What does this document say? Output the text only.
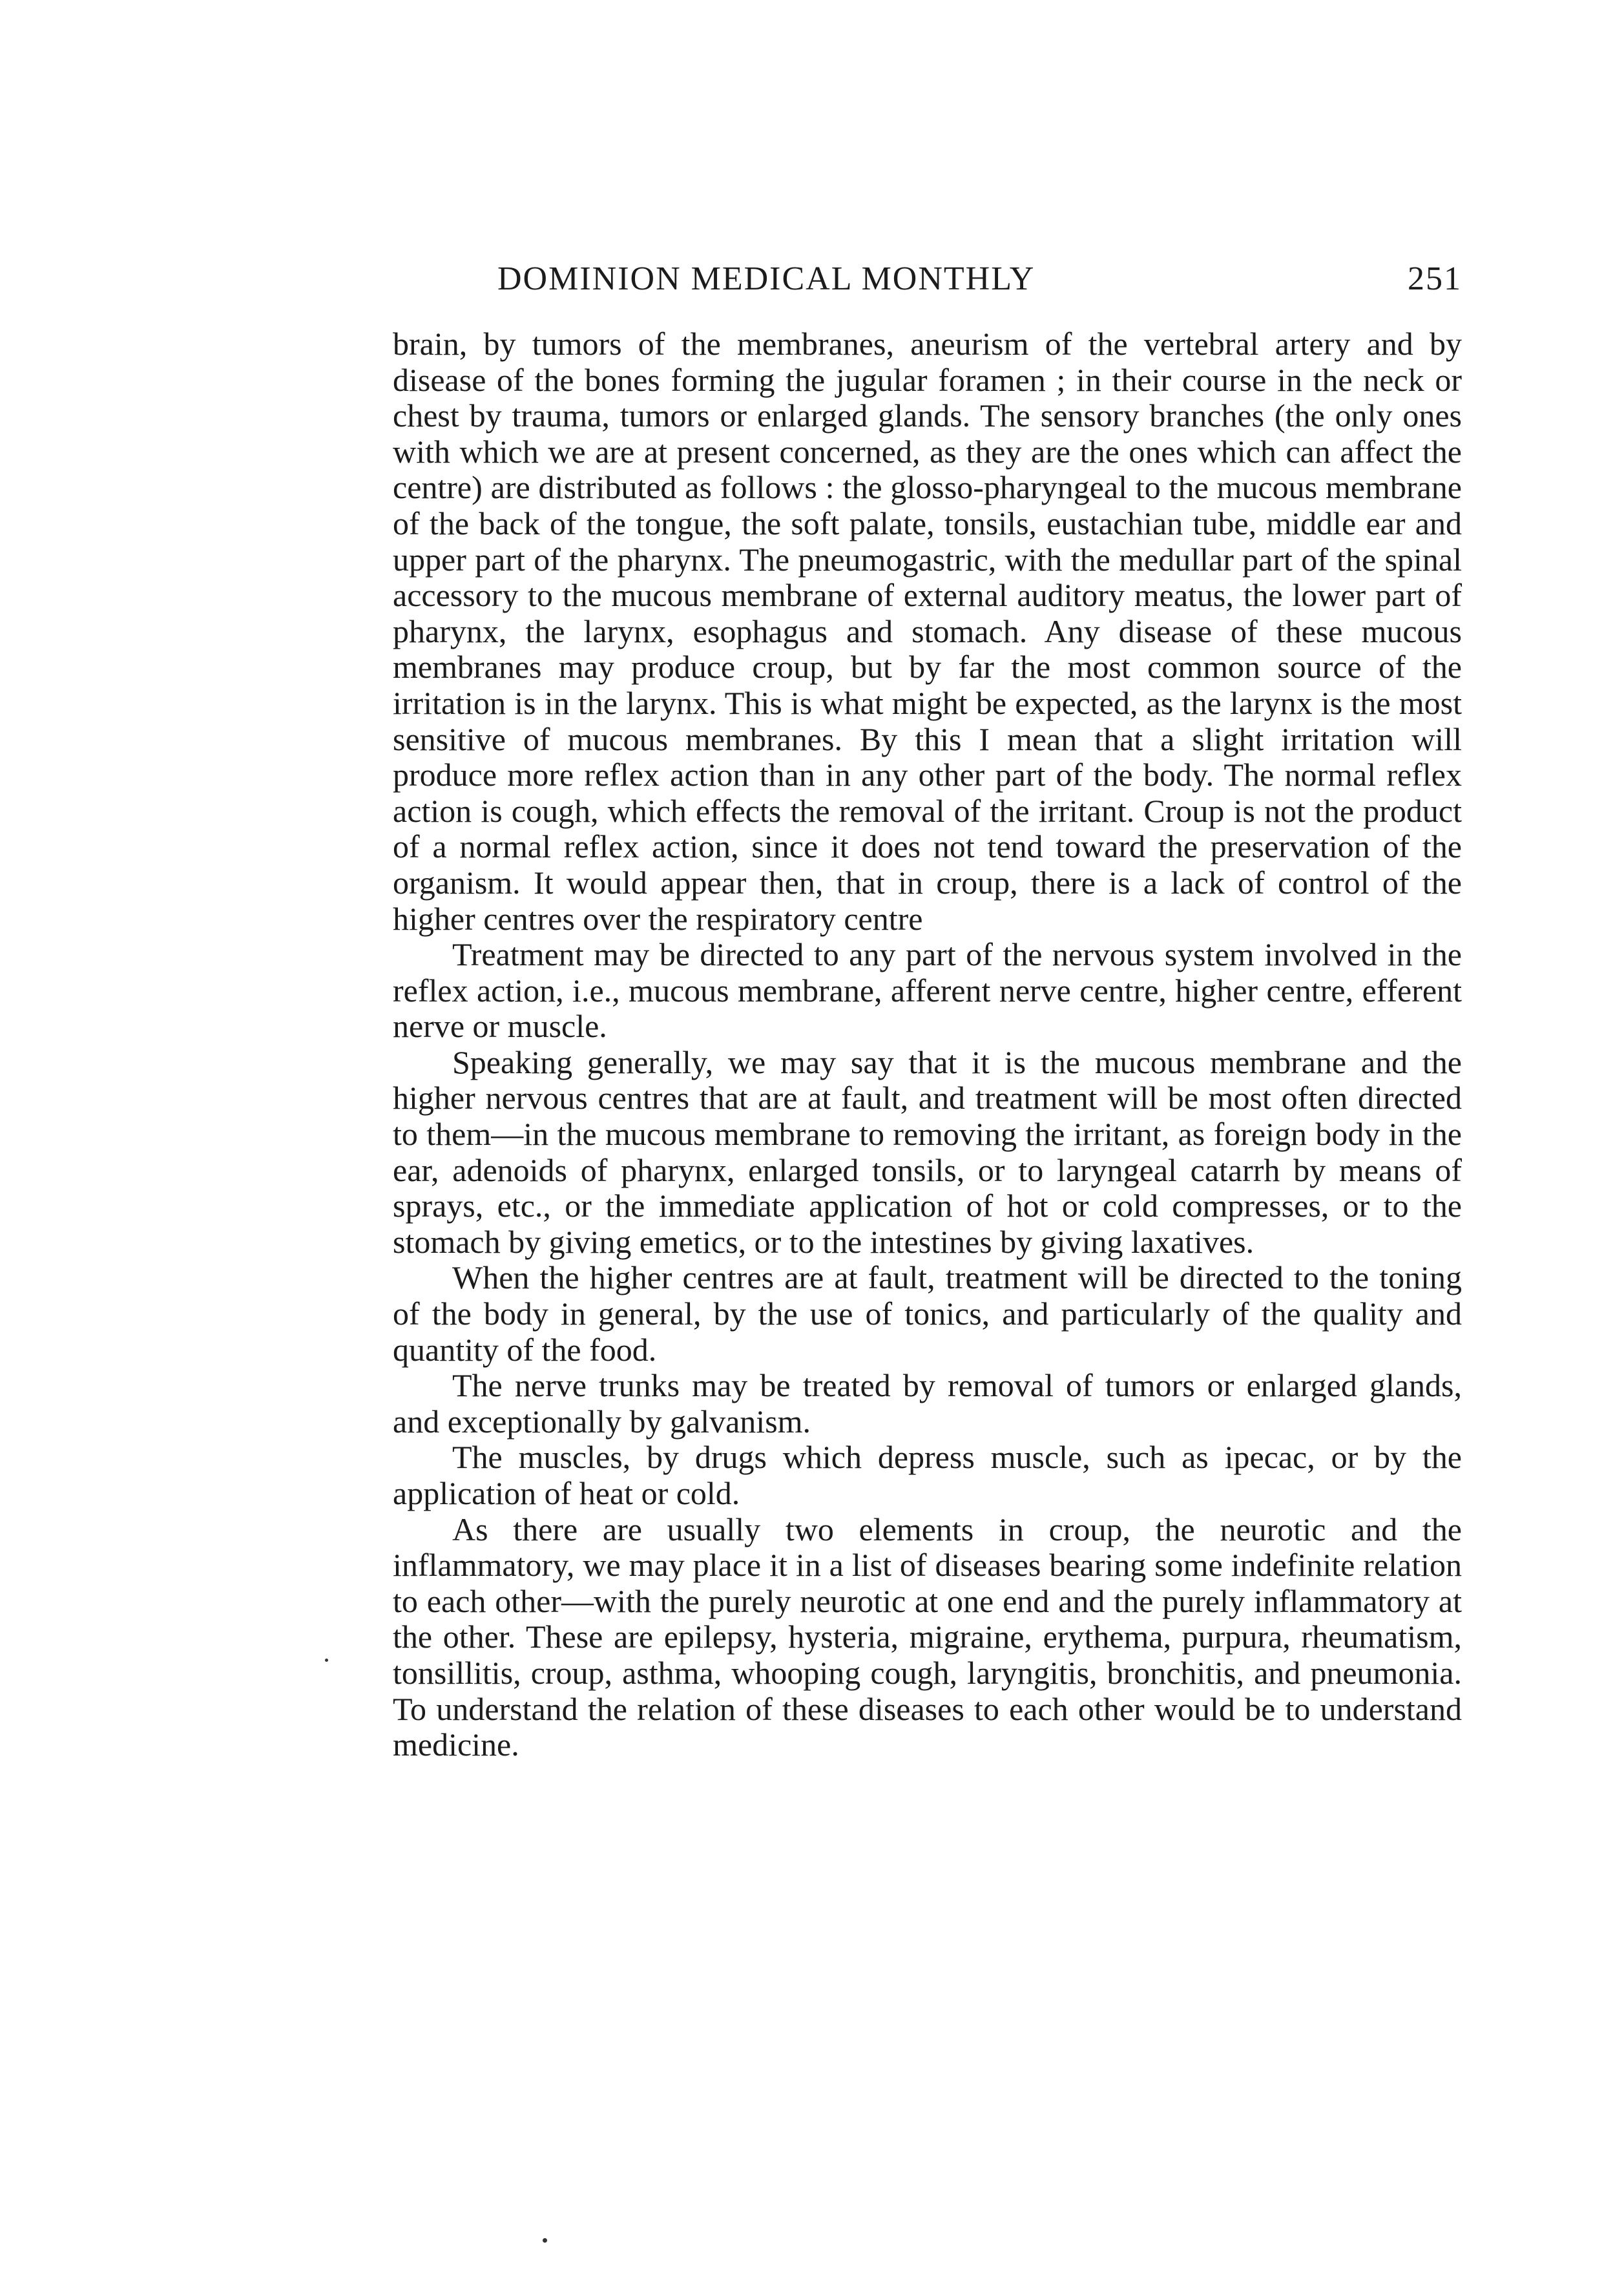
DOMINION MEDICAL MONTHLY	251

brain, by tumors of the membranes, aneurism of the vertebral artery and by disease of the bones forming the jugular foramen ; in their course in the neck or chest by trauma, tumors or enlarged glands. The sensory branches (the only ones with which we are at present concerned, as they are the ones which can affect the centre) are distributed as follows : the glosso-pharyngeal to the mucous membrane of the back of the tongue, the soft palate, tonsils, eustachian tube, middle ear and upper part of the pharynx. The pneumogastric, with the medullar part of the spinal accessory to the mucous membrane of external auditory meatus, the lower part of pharynx, the larynx, esophagus and stomach. Any disease of these mucous membranes may produce croup, but by far the most common source of the irritation is in the larynx. This is what might be expected, as the larynx is the most sensitive of mucous membranes. By this I mean that a slight irritation will produce more reflex action than in any other part of the body. The normal reflex action is cough, which effects the removal of the irritant. Croup is not the product of a normal reflex action, since it does not tend toward the preservation of the organism. It would appear then, that in croup, there is a lack of control of the higher centres over the respiratory centre

Treatment may be directed to any part of the nervous system involved in the reflex action, i.e., mucous membrane, afferent nerve centre, higher centre, efferent nerve or muscle.

Speaking generally, we may say that it is the mucous membrane and the higher nervous centres that are at fault, and treatment will be most often directed to them—in the mucous membrane to removing the irritant, as foreign body in the ear, adenoids of pharynx, enlarged tonsils, or to laryngeal catarrh by means of sprays, etc., or the immediate application of hot or cold compresses, or to the stomach by giving emetics, or to the intestines by giving laxatives.

When the higher centres are at fault, treatment will be directed to the toning of the body in general, by the use of tonics, and particularly of the quality and quantity of the food.

The nerve trunks may be treated by removal of tumors or enlarged glands, and exceptionally by galvanism.

The muscles, by drugs which depress muscle, such as ipecac, or by the application of heat or cold.

As there are usually two elements in croup, the neurotic and the inflammatory, we may place it in a list of diseases bearing some indefinite relation to each other—with the purely neurotic at one end and the purely inflammatory at the other. These are epilepsy, hysteria, migraine, erythema, purpura, rheumatism, tonsillitis, croup, asthma, whooping cough, laryngitis, bronchitis, and pneumonia. To understand the relation of these diseases to each other would be to understand medicine.
